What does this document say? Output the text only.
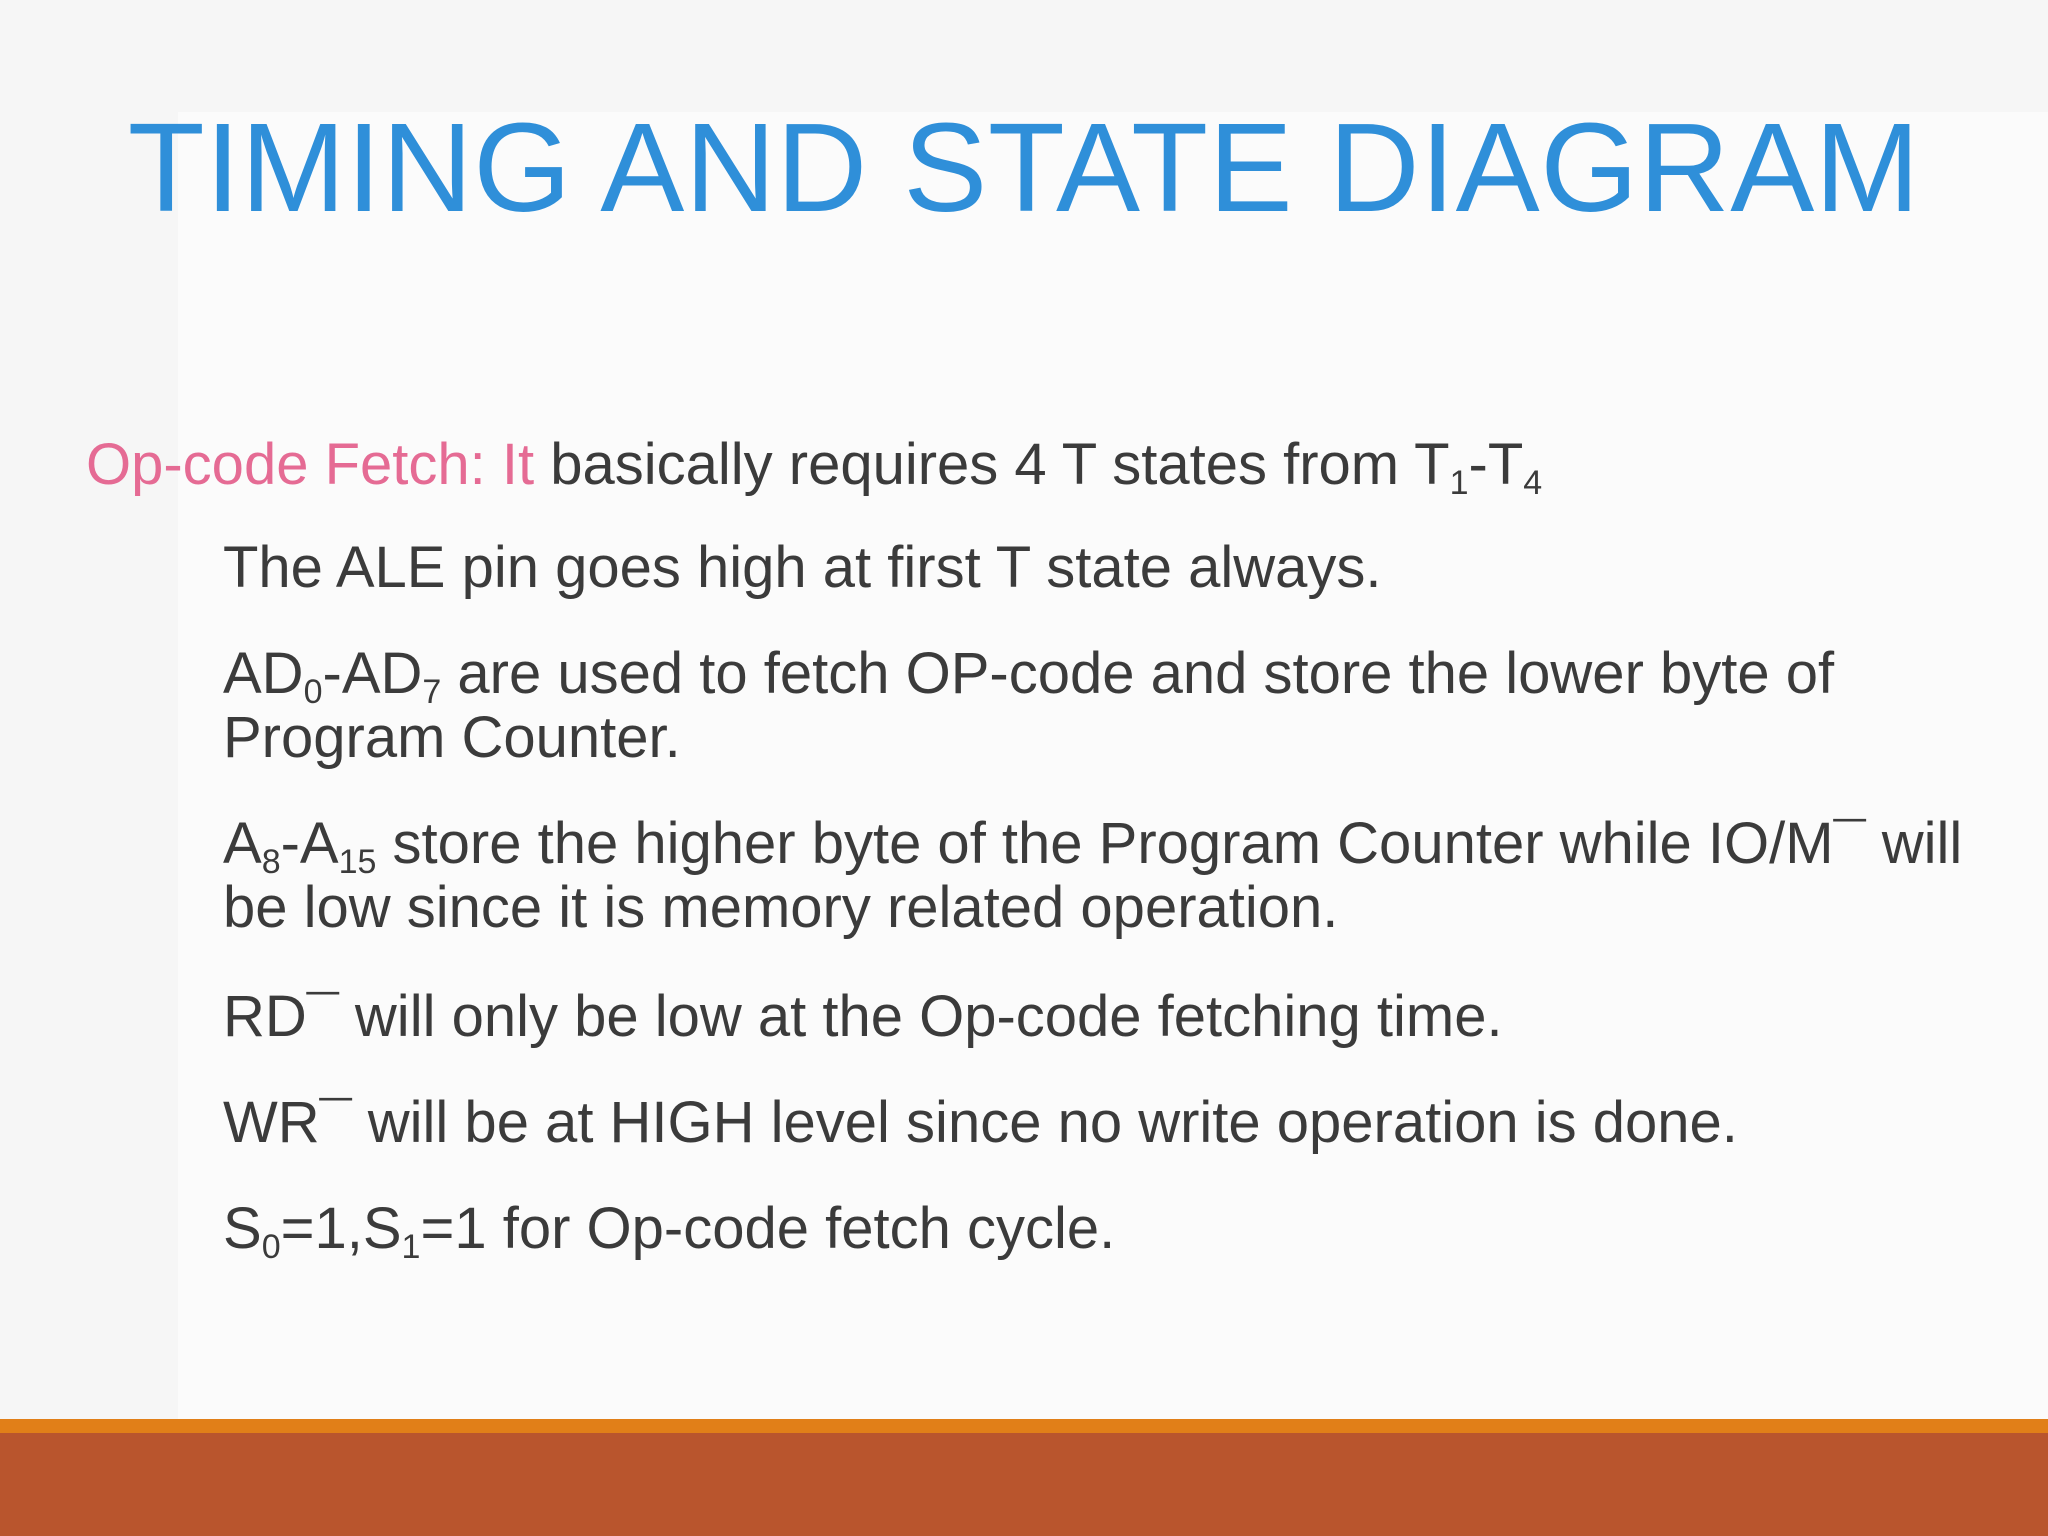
TIMING AND STATE DIAGRAM
Op-code Fetch: It basically requires 4 T states from T1-T4
The ALE pin goes high at first T state always.
AD0-AD7 are used to fetch OP-code and store the lower byte of Program Counter.
A8-A15 store the higher byte of the Program Counter while IO/M¯ will be low since it is memory related operation.
RD¯ will only be low at the Op-code fetching time.
WR¯ will be at HIGH level since no write operation is done.
S0=1,S1=1 for Op-code fetch cycle.
